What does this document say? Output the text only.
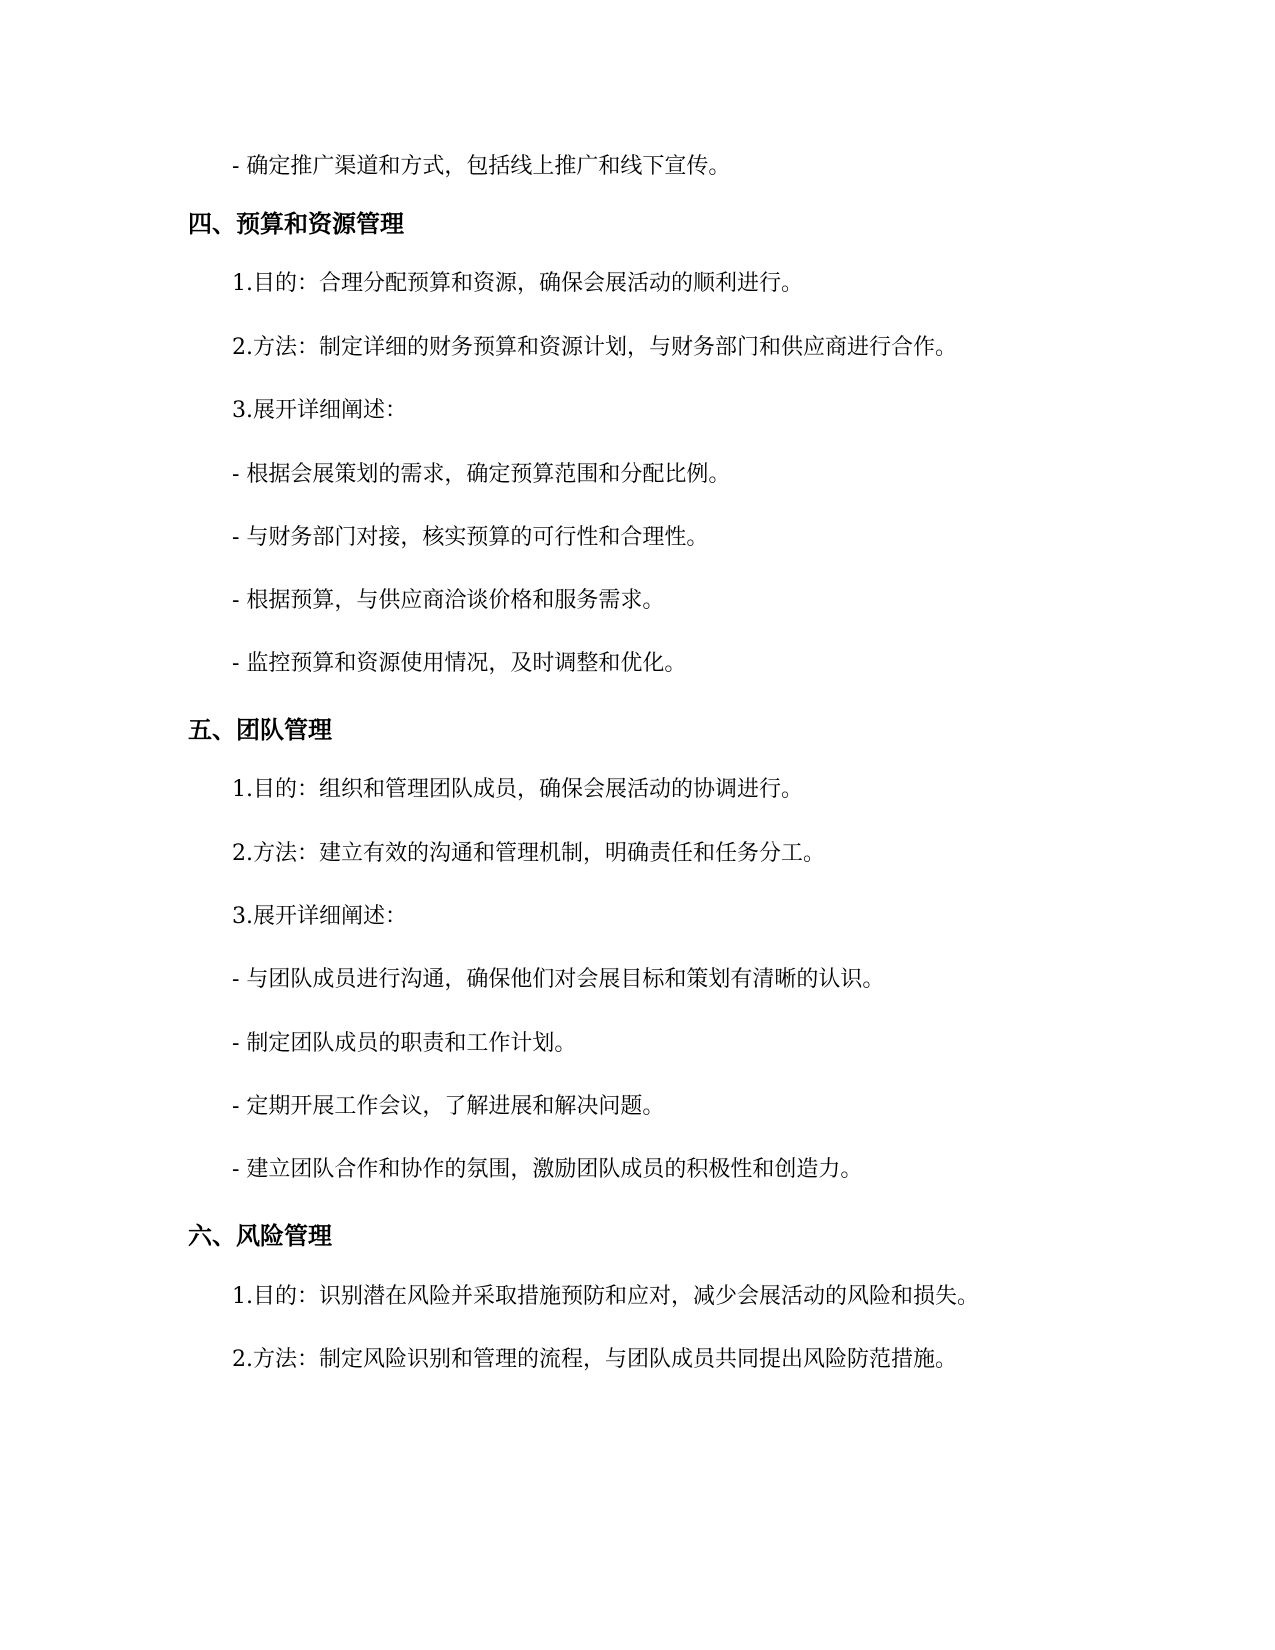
- 确定推广渠道和方式，包括线上推广和线下宣传。
四、预算和资源管理
1.目的：合理分配预算和资源，确保会展活动的顺利进行。
2.方法：制定详细的财务预算和资源计划，与财务部门和供应商进行合作。
3.展开详细阐述：
- 根据会展策划的需求，确定预算范围和分配比例。
- 与财务部门对接，核实预算的可行性和合理性。
- 根据预算，与供应商洽谈价格和服务需求。
- 监控预算和资源使用情况，及时调整和优化。
五、团队管理
1.目的：组织和管理团队成员，确保会展活动的协调进行。
2.方法：建立有效的沟通和管理机制，明确责任和任务分工。
3.展开详细阐述：
- 与团队成员进行沟通，确保他们对会展目标和策划有清晰的认识。
- 制定团队成员的职责和工作计划。
- 定期开展工作会议，了解进展和解决问题。
- 建立团队合作和协作的氛围，激励团队成员的积极性和创造力。
六、风险管理
1.目的：识别潜在风险并采取措施预防和应对，减少会展活动的风险和损失。
2.方法：制定风险识别和管理的流程，与团队成员共同提出风险防范措施。
